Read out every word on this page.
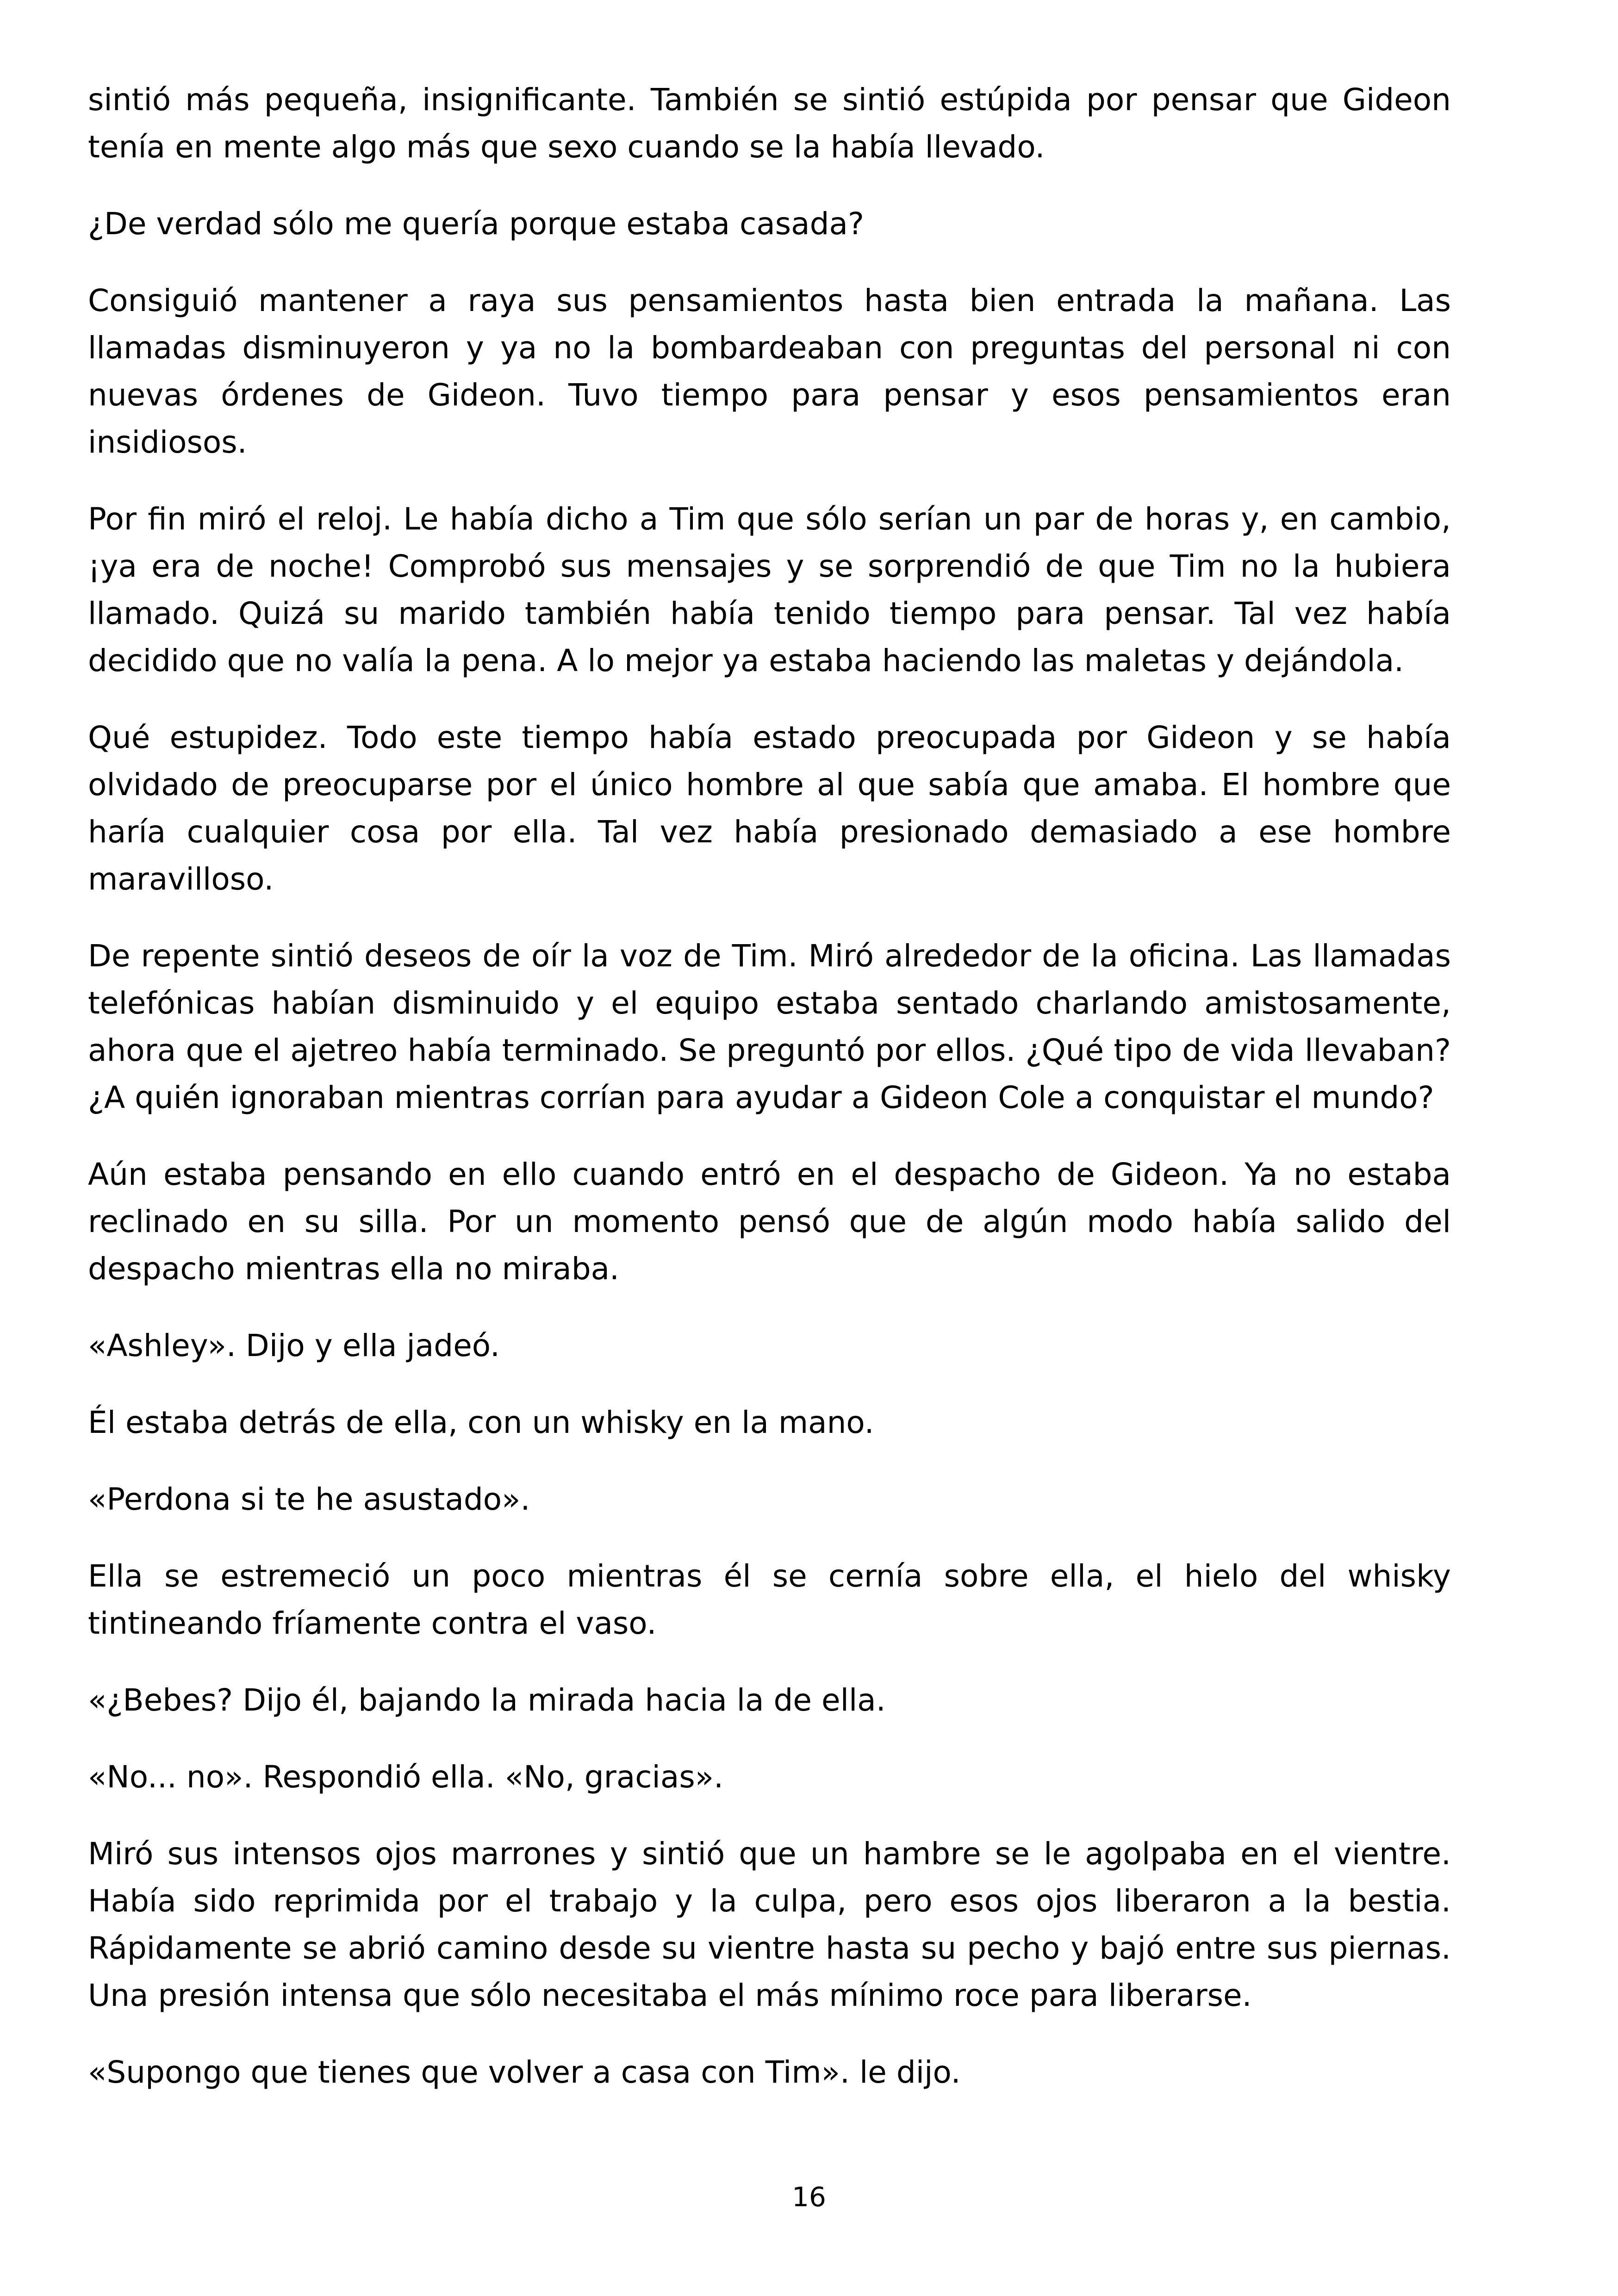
sintió más pequeña, insignificante. También se sintió estúpida por pensar que Gideon tenía en mente algo más que sexo cuando se la había llevado.

¿De verdad sólo me quería porque estaba casada?

Consiguió mantener a raya sus pensamientos hasta bien entrada la mañana. Las llamadas disminuyeron y ya no la bombardeaban con preguntas del personal ni con nuevas órdenes de Gideon. Tuvo tiempo para pensar y esos pensamientos eran insidiosos.

Por fin miró el reloj. Le había dicho a Tim que sólo serían un par de horas y, en cambio, ¡ya era de noche! Comprobó sus mensajes y se sorprendió de que Tim no la hubiera llamado. Quizá su marido también había tenido tiempo para pensar. Tal vez había decidido que no valía la pena. A lo mejor ya estaba haciendo las maletas y dejándola.

Qué estupidez. Todo este tiempo había estado preocupada por Gideon y se había olvidado de preocuparse por el único hombre al que sabía que amaba. El hombre que haría cualquier cosa por ella. Tal vez había presionado demasiado a ese hombre maravilloso.

De repente sintió deseos de oír la voz de Tim. Miró alrededor de la oficina. Las llamadas telefónicas habían disminuido y el equipo estaba sentado charlando amistosamente, ahora que el ajetreo había terminado. Se preguntó por ellos. ¿Qué tipo de vida llevaban? ¿A quién ignoraban mientras corrían para ayudar a Gideon Cole a conquistar el mundo?

Aún estaba pensando en ello cuando entró en el despacho de Gideon. Ya no estaba reclinado en su silla. Por un momento pensó que de algún modo había salido del despacho mientras ella no miraba.

«Ashley». Dijo y ella jadeó.

Él estaba detrás de ella, con un whisky en la mano.

«Perdona si te he asustado».

Ella se estremeció un poco mientras él se cernía sobre ella, el hielo del whisky tintineando fríamente contra el vaso.

«¿Bebes? Dijo él, bajando la mirada hacia la de ella.

«No... no». Respondió ella. «No, gracias».

Miró sus intensos ojos marrones y sintió que un hambre se le agolpaba en el vientre. Había sido reprimida por el trabajo y la culpa, pero esos ojos liberaron a la bestia. Rápidamente se abrió camino desde su vientre hasta su pecho y bajó entre sus piernas. Una presión intensa que sólo necesitaba el más mínimo roce para liberarse.

«Supongo que tienes que volver a casa con Tim». le dijo.

16
